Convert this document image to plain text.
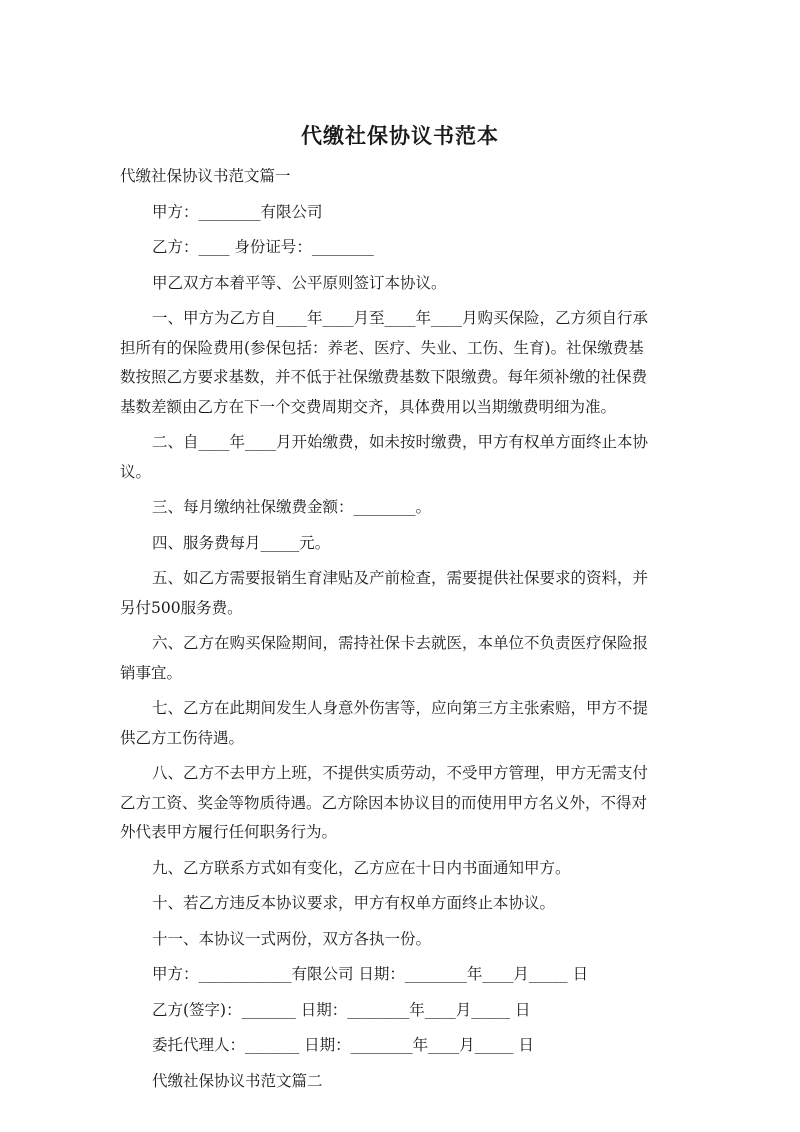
代缴社保协议书范本
代缴社保协议书范文篇一
甲方：________有限公司
乙方：____ 身份证号：________
甲乙双方本着平等、公平原则签订本协议。
一、甲方为乙方自____年____月至____年____月购买保险，乙方须自行承
担所有的保险费用(参保包括：养老、医疗、失业、工伤、生育)。社保缴费基
数按照乙方要求基数，并不低于社保缴费基数下限缴费。每年须补缴的社保费
基数差额由乙方在下一个交费周期交齐，具体费用以当期缴费明细为准。
二、自____年____月开始缴费，如未按时缴费，甲方有权单方面终止本协
议。
三、每月缴纳社保缴费金额：________。
四、服务费每月_____元。
五、如乙方需要报销生育津贴及产前检查，需要提供社保要求的资料，并
另付500服务费。
六、乙方在购买保险期间，需持社保卡去就医，本单位不负责医疗保险报
销事宜。
七、乙方在此期间发生人身意外伤害等，应向第三方主张索赔，甲方不提
供乙方工伤待遇。
八、乙方不去甲方上班，不提供实质劳动，不受甲方管理，甲方无需支付
乙方工资、奖金等物质待遇。乙方除因本协议目的而使用甲方名义外，不得对
外代表甲方履行任何职务行为。
九、乙方联系方式如有变化，乙方应在十日内书面通知甲方。
十、若乙方违反本协议要求，甲方有权单方面终止本协议。
十一、本协议一式两份，双方各执一份。
甲方：____________有限公司 日期：________年____月_____ 日
乙方(签字)：_______ 日期：________年____月_____ 日
委托代理人：_______ 日期：________年____月_____ 日
代缴社保协议书范文篇二
